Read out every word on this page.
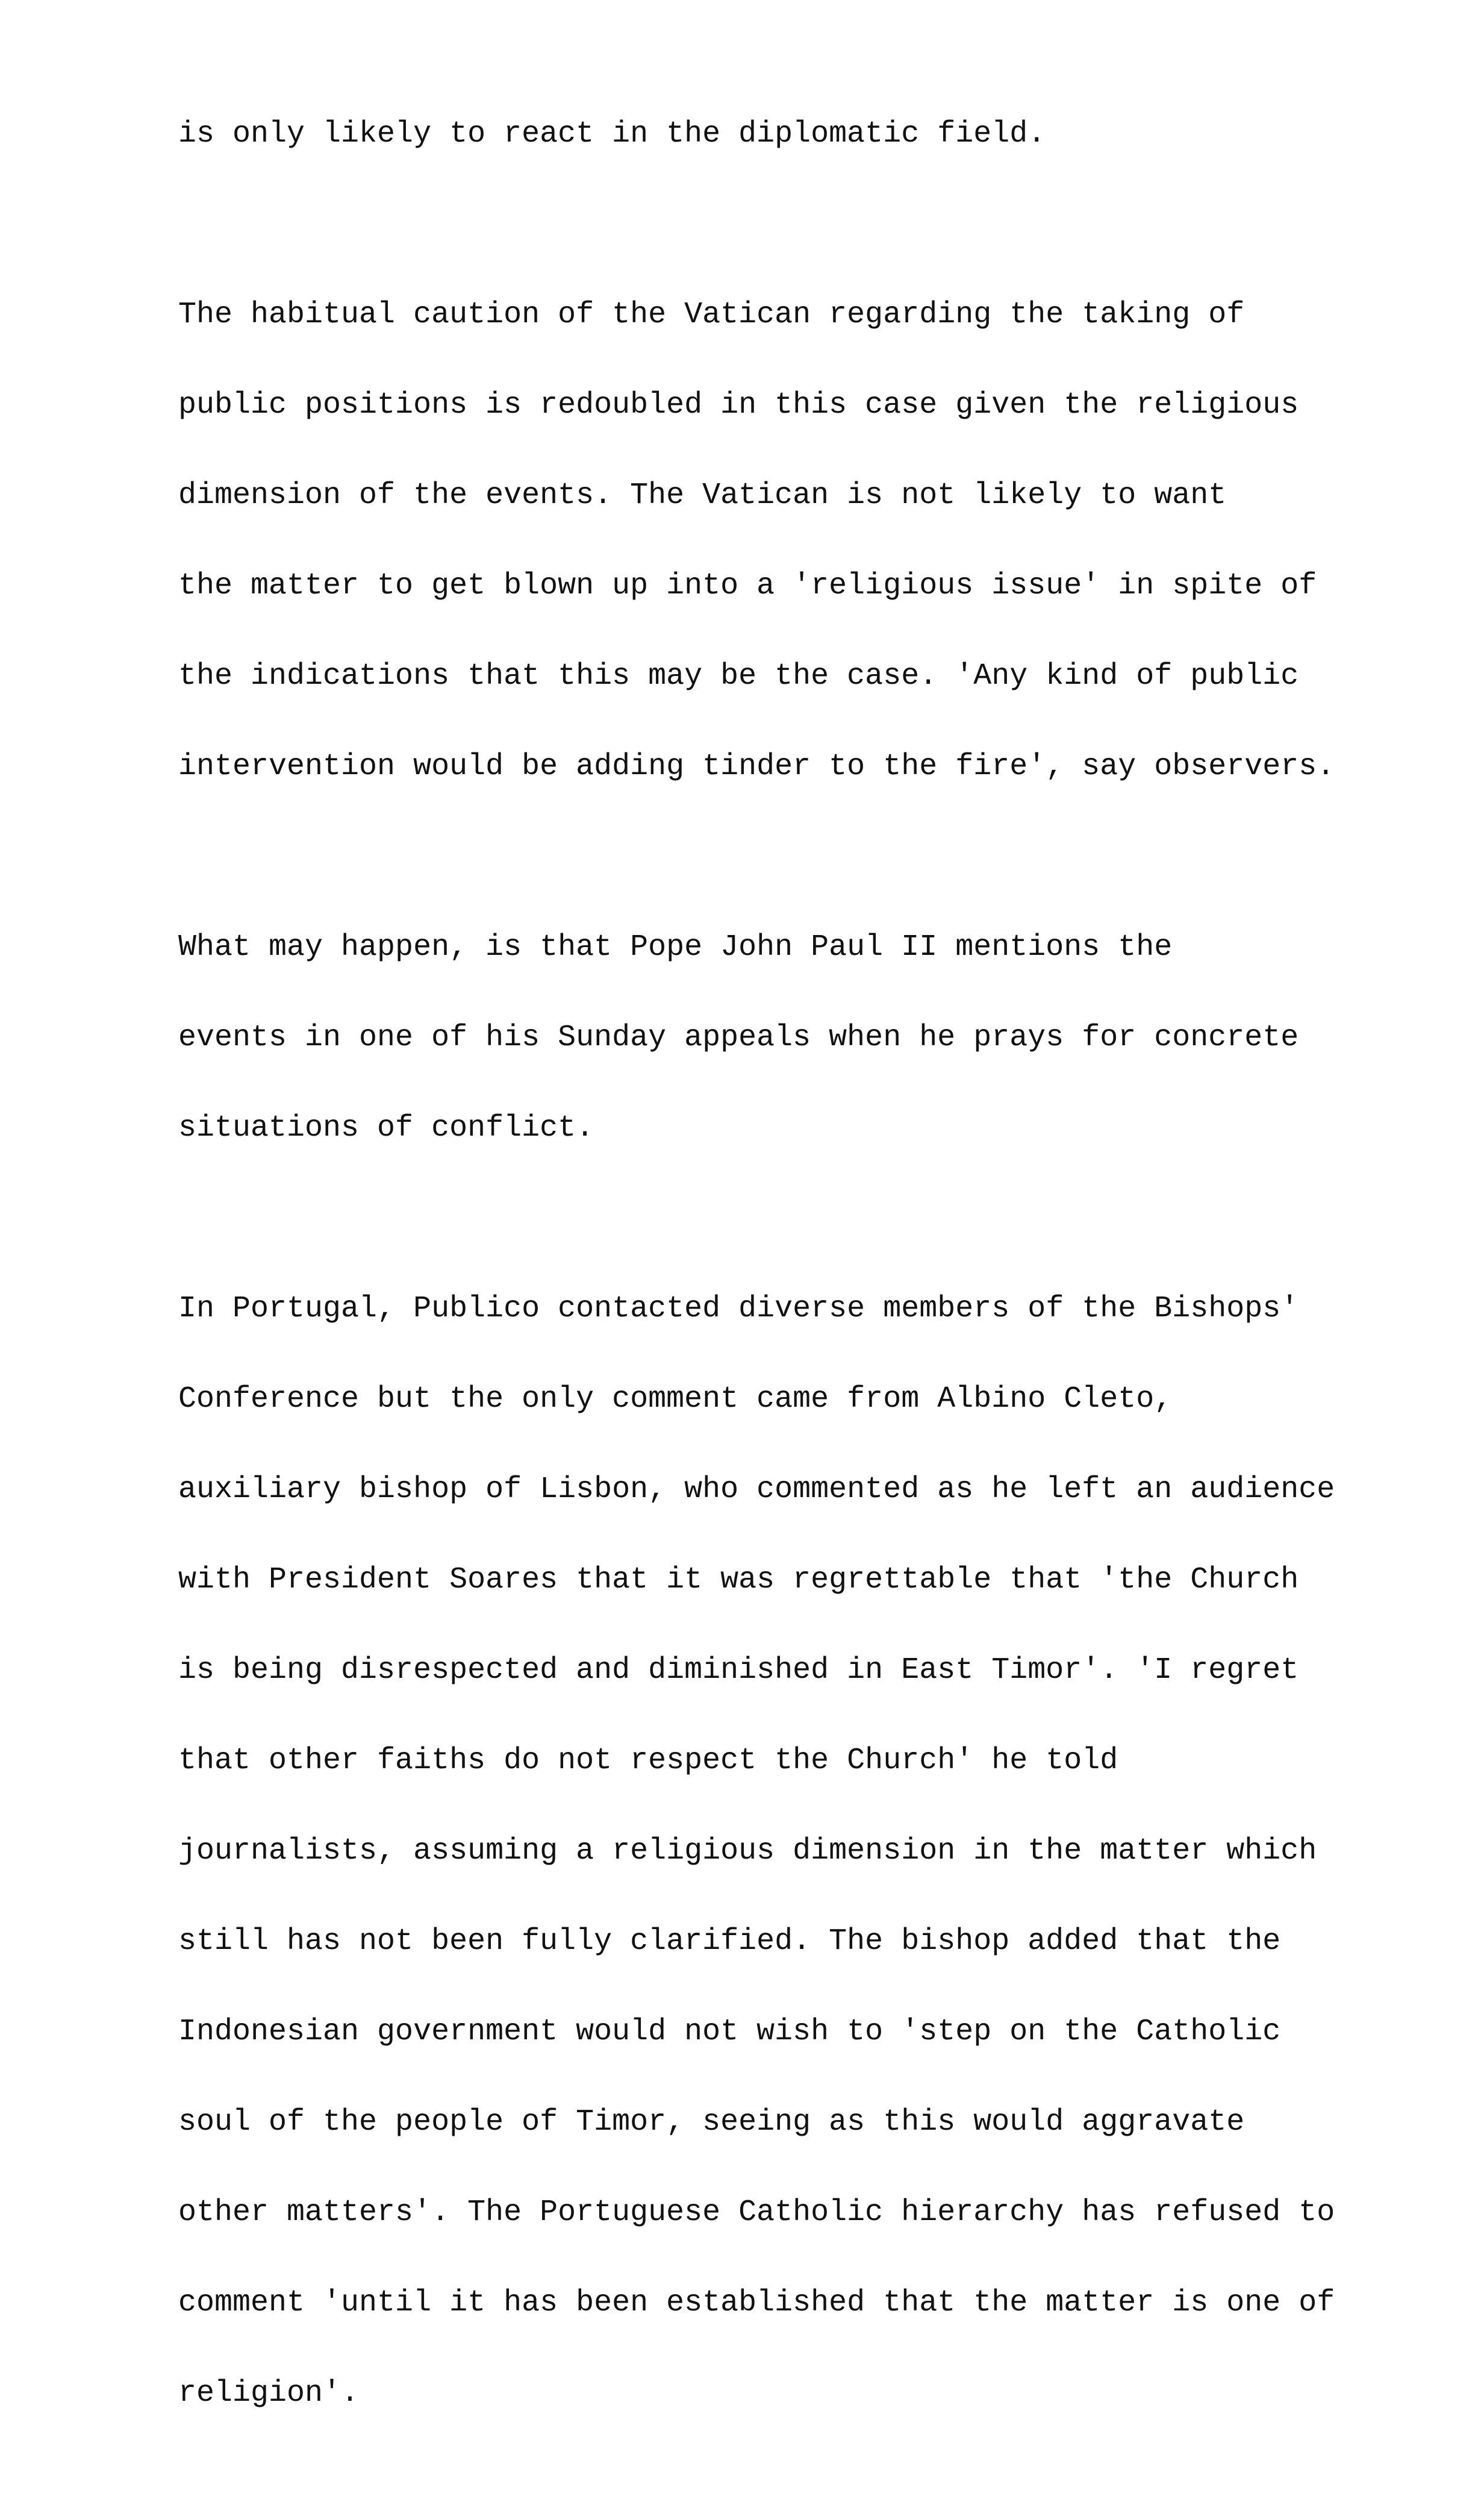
is only likely to react in the diplomatic field.

The habitual caution of the Vatican regarding the taking of

public positions is redoubled in this case given the religious

dimension of the events. The Vatican is not likely to want

the matter to get blown up into a 'religious issue' in spite of

the indications that this may be the case. 'Any kind of public

intervention would be adding tinder to the fire', say observers.

What may happen, is that Pope John Paul II mentions the

events in one of his Sunday appeals when he prays for concrete

situations of conflict.

In Portugal, Publico contacted diverse members of the Bishops'

Conference but the only comment came from Albino Cleto,

auxiliary bishop of Lisbon, who commented as he left an audience

with President Soares that it was regrettable that 'the Church

is being disrespected and diminished in East Timor'. 'I regret

that other faiths do not respect the Church' he told

journalists, assuming a religious dimension in the matter which

still has not been fully clarified. The bishop added that the

Indonesian government would not wish to 'step on the Catholic

soul of the people of Timor, seeing as this would aggravate

other matters'. The Portuguese Catholic hierarchy has refused to

comment 'until it has been established that the matter is one of

religion'.
